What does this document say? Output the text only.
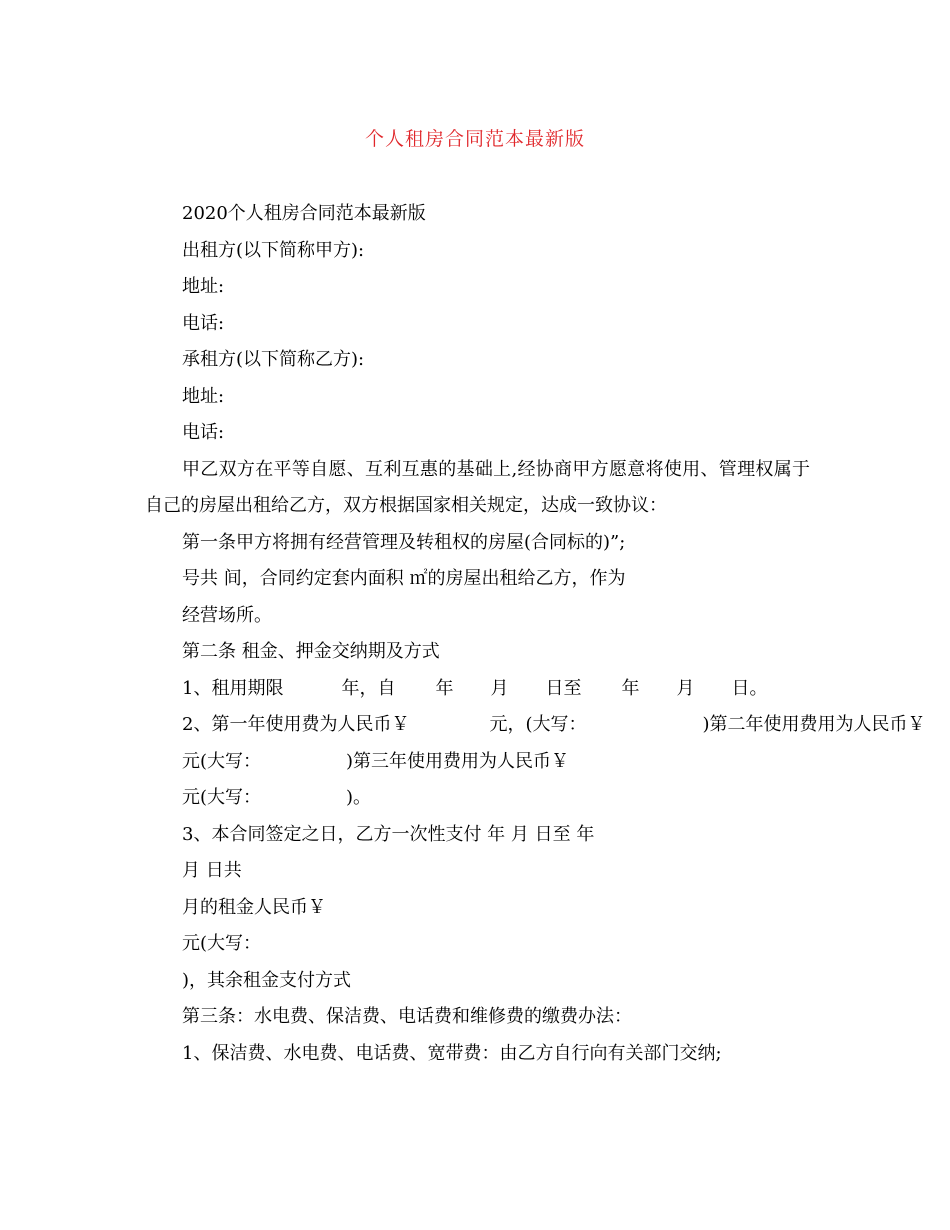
个人租房合同范本最新版

2020个人租房合同范本最新版

出租方(以下简称甲方):

地址:

电话:

承租方(以下简称乙方):

地址:

电话:

甲乙双方在平等自愿、互利互惠的基础上,经协商甲方愿意将使用、管理权属于自己的房屋出租给乙方，双方根据国家相关规定，达成一致协议：

第一条甲方将拥有经营管理及转租权的房屋(合同标的)”;

号共 间，合同约定套内面积 ㎡的房屋出租给乙方，作为

经营场所。

第二条 租金、押金交纳期及方式

1、租用期限	年，自 年 月 日至 年 月 日。

2、第一年使用费为人民币￥	元，(大写：	)第二年使用费用为人民币￥

元(大写：	)第三年使用费用为人民币￥

元(大写：	)。

3、本合同签定之日，乙方一次性支付 年 月 日至 年

月 日共

月的租金人民币￥

元(大写：

)，其余租金支付方式

第三条：水电费、保洁费、电话费和维修费的缴费办法：

1、保洁费、水电费、电话费、宽带费：由乙方自行向有关部门交纳;
